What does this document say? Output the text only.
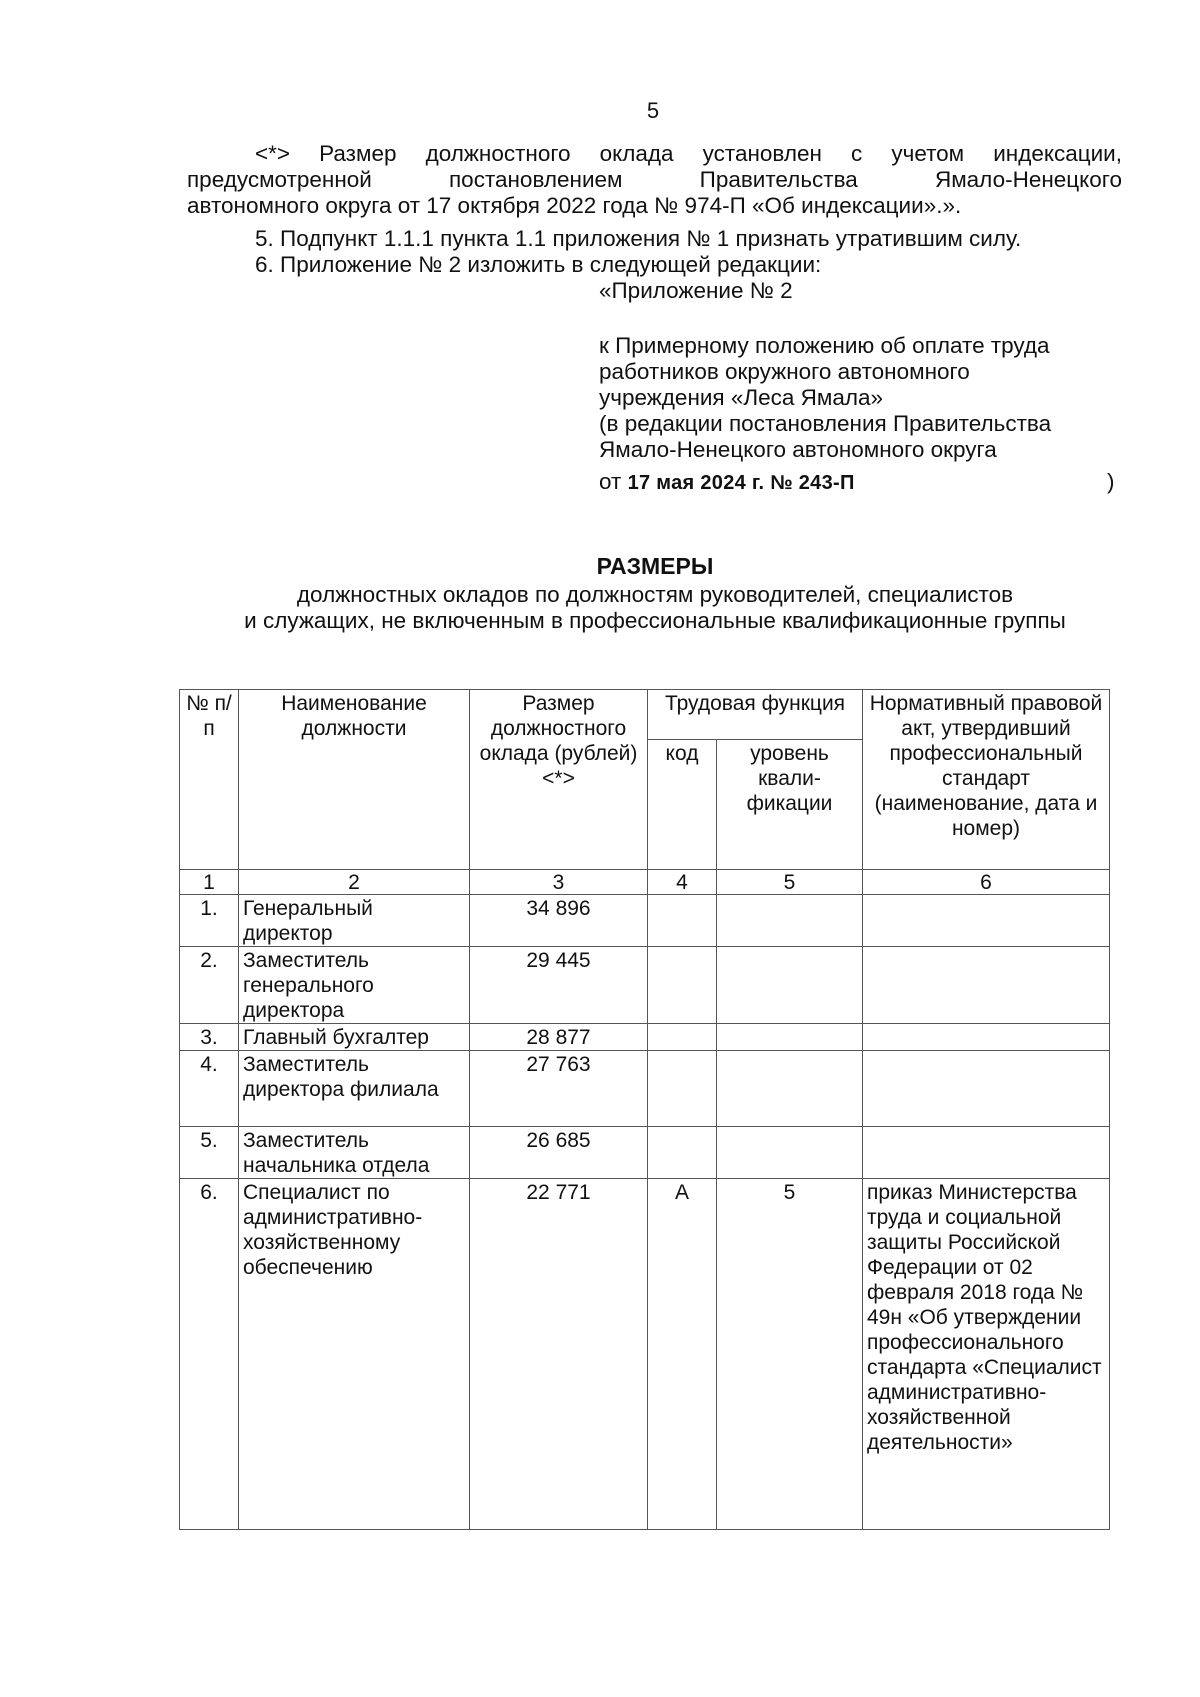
5
<*> Размер должностного оклада установлен с учетом индексации,
предусмотренной постановлением Правительства Ямало-Ненецкого
автономного округа от 17 октября 2022 года № 974-П «Об индексации».».
5. Подпункт 1.1.1 пункта 1.1 приложения № 1 признать утратившим силу.
6. Приложение № 2 изложить в следующей редакции:
«Приложение № 2
к Примерному положению об оплате труда
работников окружного автономного
учреждения «Леса Ямала»
(в редакции постановления Правительства
Ямало-Ненецкого автономного округа
от 17 мая 2024 г. № 243-П	)
РАЗМЕРЫ
должностных окладов по должностям руководителей, специалистов
и служащих, не включенным в профессиональные квалификационные группы
№ п/п	Наименование должности	Размер должностного оклада (рублей)<*>	Трудовая функция		Нормативный правовой акт, утвердивший профессиональный стандарт (наименование, дата и номер)
			код	уровень квали-фикации	
1	2	3	4	5	6
1.	Генеральный директор	34 896			
2.	Заместитель генерального директора	29 445			
3.	Главный бухгалтер	28 877			
4.	Заместитель директора филиала	27 763			
5.	Заместитель начальника отдела	26 685			
6.	Специалист по административно-хозяйственному обеспечению	22 771	А	5	приказ Министерства труда и социальной защиты Российской Федерации от 02 февраля 2018 года № 49н «Об утверждении профессионального стандарта «Специалист административно-хозяйственной деятельности»
